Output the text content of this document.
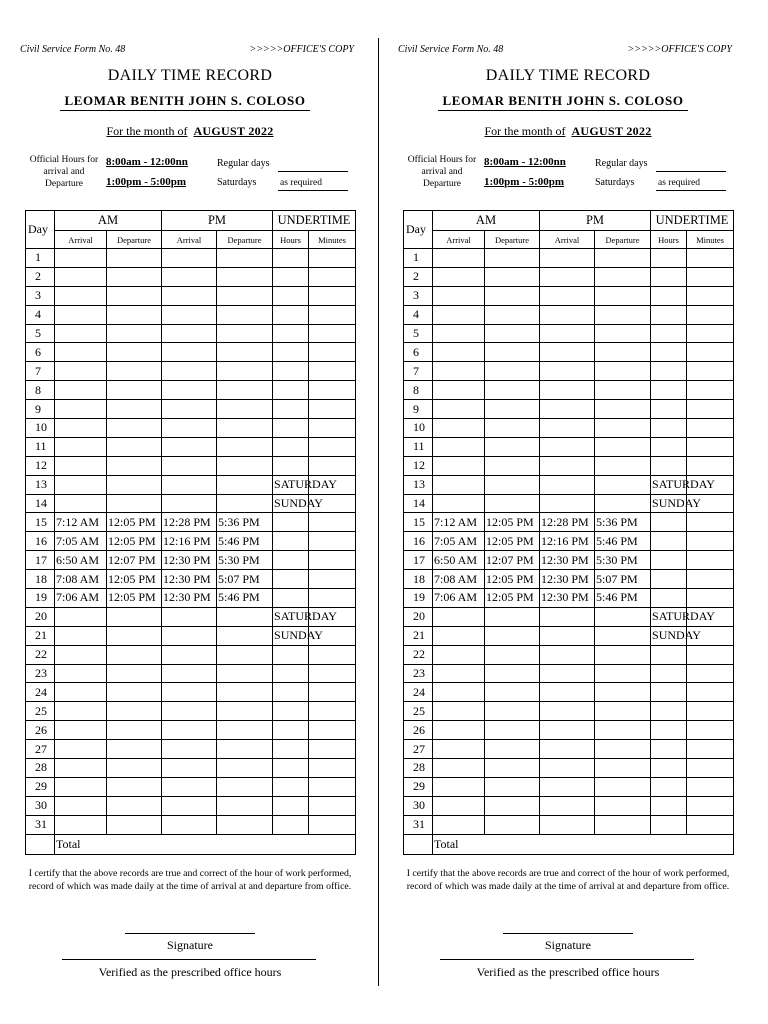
Civil Service Form No. 48	>>>>>OFFICE'S COPY
DAILY TIME RECORD
LEOMAR BENITH JOHN S. COLOSO
For the month of AUGUST 2022
Official Hours for arrival and Departure
8:00am - 12:00nn
1:00pm - 5:00pm
Regular days
Saturdays as required
Day	AM		PM		UNDERTIME	
	Arrival	Departure	Arrival	Departure	Hours	Minutes
1						
2						
3						
4						
5						
6						
7						
8						
9						
10						
11						
12						
13					SATURDAY	
14					SUNDAY	
15	7:12 AM	12:05 PM	12:28 PM	5:36 PM		
16	7:05 AM	12:05 PM	12:16 PM	5:46 PM		
17	6:50 AM	12:07 PM	12:30 PM	5:30 PM		
18	7:08 AM	12:05 PM	12:30 PM	5:07 PM		
19	7:06 AM	12:05 PM	12:30 PM	5:46 PM		
20					SATURDAY	
21					SUNDAY	
22						
23						
24						
25						
26						
27						
28						
29						
30						
31						
	Total					
I certify that the above records are true and correct of the hour of work performed, record of which was made daily at the time of arrival at and departure from office.
Signature
Verified as the prescribed office hours
Civil Service Form No. 48	>>>>>OFFICE'S COPY
DAILY TIME RECORD
LEOMAR BENITH JOHN S. COLOSO
For the month of AUGUST 2022
Official Hours for arrival and Departure
8:00am - 12:00nn
1:00pm - 5:00pm
Regular days
Saturdays as required
Day	AM		PM		UNDERTIME	
	Arrival	Departure	Arrival	Departure	Hours	Minutes
1						
2						
3						
4						
5						
6						
7						
8						
9						
10						
11						
12						
13					SATURDAY	
14					SUNDAY	
15	7:12 AM	12:05 PM	12:28 PM	5:36 PM		
16	7:05 AM	12:05 PM	12:16 PM	5:46 PM		
17	6:50 AM	12:07 PM	12:30 PM	5:30 PM		
18	7:08 AM	12:05 PM	12:30 PM	5:07 PM		
19	7:06 AM	12:05 PM	12:30 PM	5:46 PM		
20					SATURDAY	
21					SUNDAY	
22						
23						
24						
25						
26						
27						
28						
29						
30						
31						
	Total					
I certify that the above records are true and correct of the hour of work performed, record of which was made daily at the time of arrival at and departure from office.
Signature
Verified as the prescribed office hours
